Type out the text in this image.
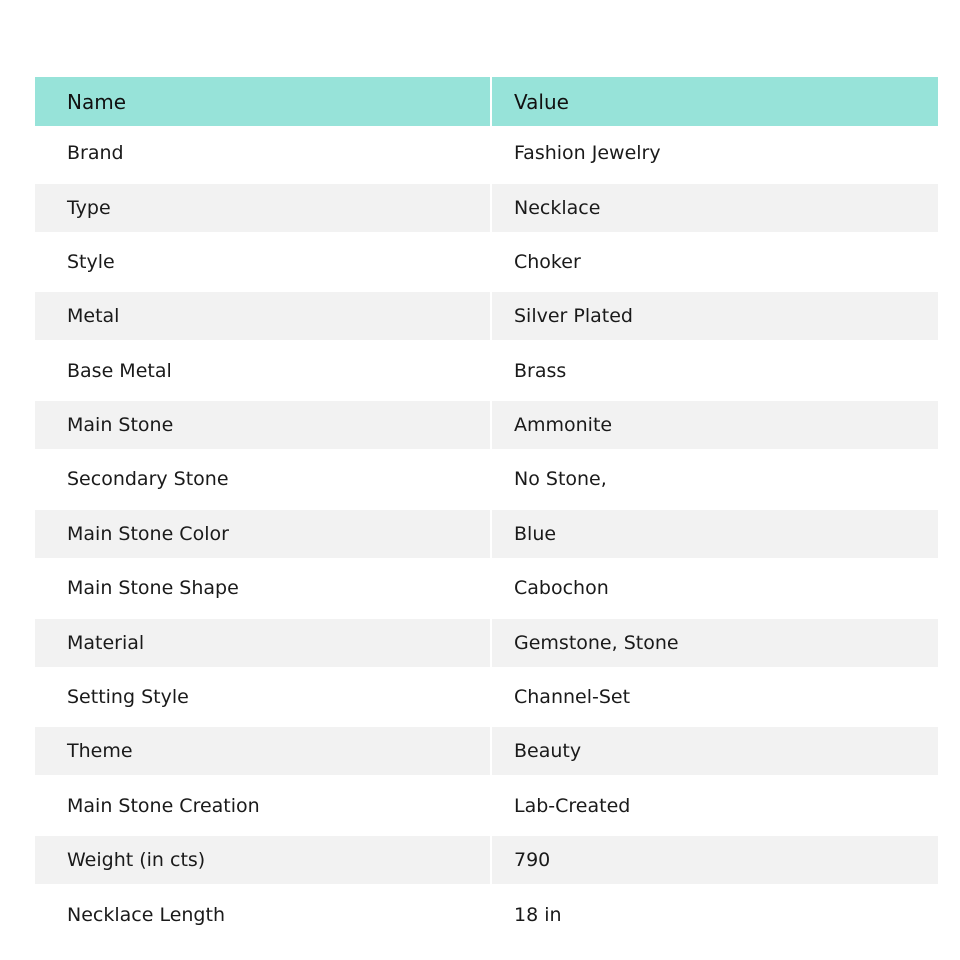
Name	Value
Brand	Fashion Jewelry
Type	Necklace
Style	Choker
Metal	Silver Plated
Base Metal	Brass
Main Stone	Ammonite
Secondary Stone	No Stone,
Main Stone Color	Blue
Main Stone Shape	Cabochon
Material	Gemstone, Stone
Setting Style	Channel-Set
Theme	Beauty
Main Stone Creation	Lab-Created
Weight (in cts)	790
Necklace Length	18 in
